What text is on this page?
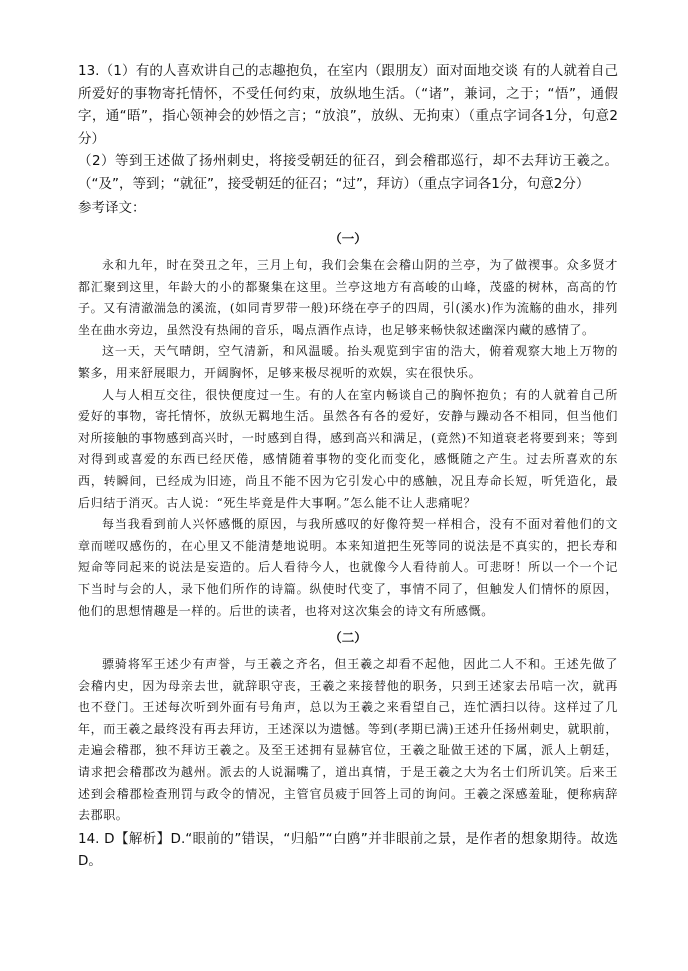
13.（1）有的人喜欢讲自己的志趣抱负，在室内（跟朋友）面对面地交谈 有的人就着自己所爱好的事物寄托情怀，不受任何约束，放纵地生活。（“诸”，兼词，之于；“悟”，通假字，通“晤”，指心领神会的妙悟之言；“放浪”，放纵、无拘束）（重点字词各1分，句意2分）

（2）等到王述做了扬州刺史，将接受朝廷的征召，到会稽郡巡行，却不去拜访王羲之。（“及”，等到；“就征”，接受朝廷的征召；“过”，拜访）（重点字词各1分，句意2分）

参考译文：

（一）

永和九年，时在癸丑之年，三月上旬，我们会集在会稽山阴的兰亭，为了做禊事。众多贤才都汇聚到这里，年龄大的小的都聚集在这里。兰亭这地方有高峻的山峰，茂盛的树林，高高的竹子。又有清澈湍急的溪流，(如同青罗带一般)环绕在亭子的四周，引(溪水)作为流觞的曲水，排列坐在曲水旁边，虽然没有热闹的音乐，喝点酒作点诗，也足够来畅快叙述幽深内藏的感情了。

这一天，天气晴朗，空气清新，和风温暖。抬头观览到宇宙的浩大，俯着观察大地上万物的繁多，用来舒展眼力，开阔胸怀，足够来极尽视听的欢娱，实在很快乐。

人与人相互交往，很快便度过一生。有的人在室内畅谈自己的胸怀抱负；有的人就着自己所爱好的事物，寄托情怀，放纵无羁地生活。虽然各有各的爱好，安静与躁动各不相同，但当他们对所接触的事物感到高兴时，一时感到自得，感到高兴和满足，(竟然)不知道衰老将要到来；等到对得到或喜爱的东西已经厌倦，感情随着事物的变化而变化，感慨随之产生。过去所喜欢的东西，转瞬间，已经成为旧迹，尚且不能不因为它引发心中的感触，况且寿命长短，听凭造化，最后归结于消灭。古人说：“死生毕竟是件大事啊。”怎么能不让人悲痛呢？

每当我看到前人兴怀感慨的原因，与我所感叹的好像符契一样相合，没有不面对着他们的文章而嗟叹感伤的，在心里又不能清楚地说明。本来知道把生死等同的说法是不真实的，把长寿和短命等同起来的说法是妄造的。后人看待今人，也就像今人看待前人。可悲呀！所以一个一个记下当时与会的人，录下他们所作的诗篇。纵使时代变了，事情不同了，但触发人们情怀的原因，他们的思想情趣是一样的。后世的读者，也将对这次集会的诗文有所感慨。

（二）

骠骑将军王述少有声誉，与王羲之齐名，但王羲之却看不起他，因此二人不和。王述先做了会稽内史，因为母亲去世，就辞职守丧，王羲之来接替他的职务，只到王述家去吊唁一次，就再也不登门。王述每次听到外面有号角声，总以为王羲之来看望自己，连忙洒扫以待。这样过了几年，而王羲之最终没有再去拜访，王述深以为遗憾。等到(孝期已满)王述升任扬州刺史，就职前，走遍会稽郡，独不拜访王羲之。及至王述拥有显赫官位，王羲之耻做王述的下属，派人上朝廷，请求把会稽郡改为越州。派去的人说漏嘴了，道出真情，于是王羲之大为名士们所讥笑。后来王述到会稽郡检查刑罚与政令的情况，主管官员疲于回答上司的询问。王羲之深感羞耻，便称病辞去郡职。

14. D【解析】D.“眼前的”错误，“归船”“白鸥”并非眼前之景，是作者的想象期待。故选D。
